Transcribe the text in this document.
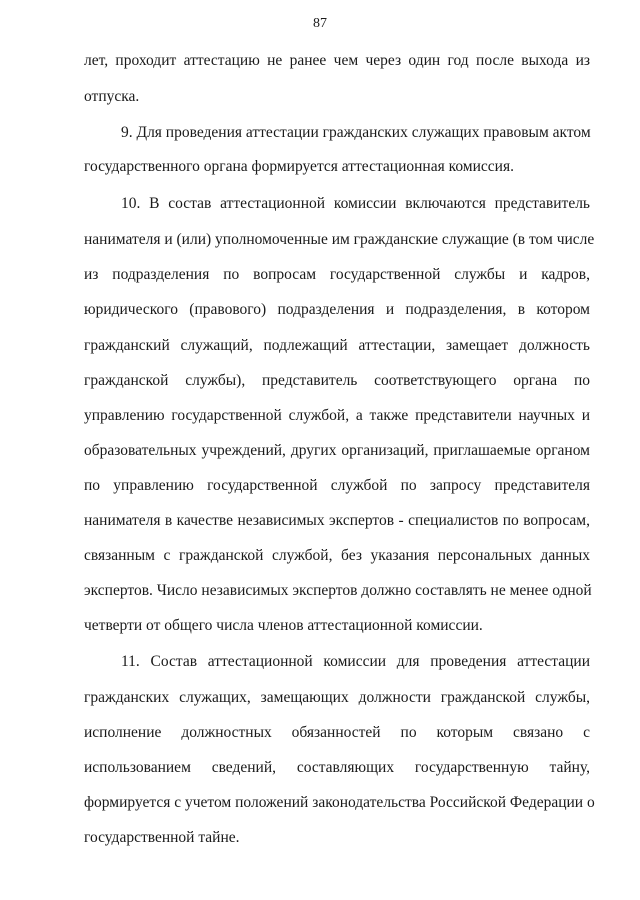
87
лет, проходит аттестацию не ранее чем через один год после выхода из
отпуска.
9. Для проведения аттестации гражданских служащих правовым актом
государственного органа формируется аттестационная комиссия.
10. В состав аттестационной комиссии включаются представитель
нанимателя и (или) уполномоченные им гражданские служащие (в том числе
из подразделения по вопросам государственной службы и кадров,
юридического (правового) подразделения и подразделения, в котором
гражданский служащий, подлежащий аттестации, замещает должность
гражданской службы), представитель соответствующего органа по
управлению государственной службой, а также представители научных и
образовательных учреждений, других организаций, приглашаемые органом
по управлению государственной службой по запросу представителя
нанимателя в качестве независимых экспертов - специалистов по вопросам,
связанным с гражданской службой, без указания персональных данных
экспертов. Число независимых экспертов должно составлять не менее одной
четверти от общего числа членов аттестационной комиссии.
11. Состав аттестационной комиссии для проведения аттестации
гражданских служащих, замещающих должности гражданской службы,
исполнение должностных обязанностей по которым связано с
использованием сведений, составляющих государственную тайну,
формируется с учетом положений законодательства Российской Федерации о
государственной тайне.
